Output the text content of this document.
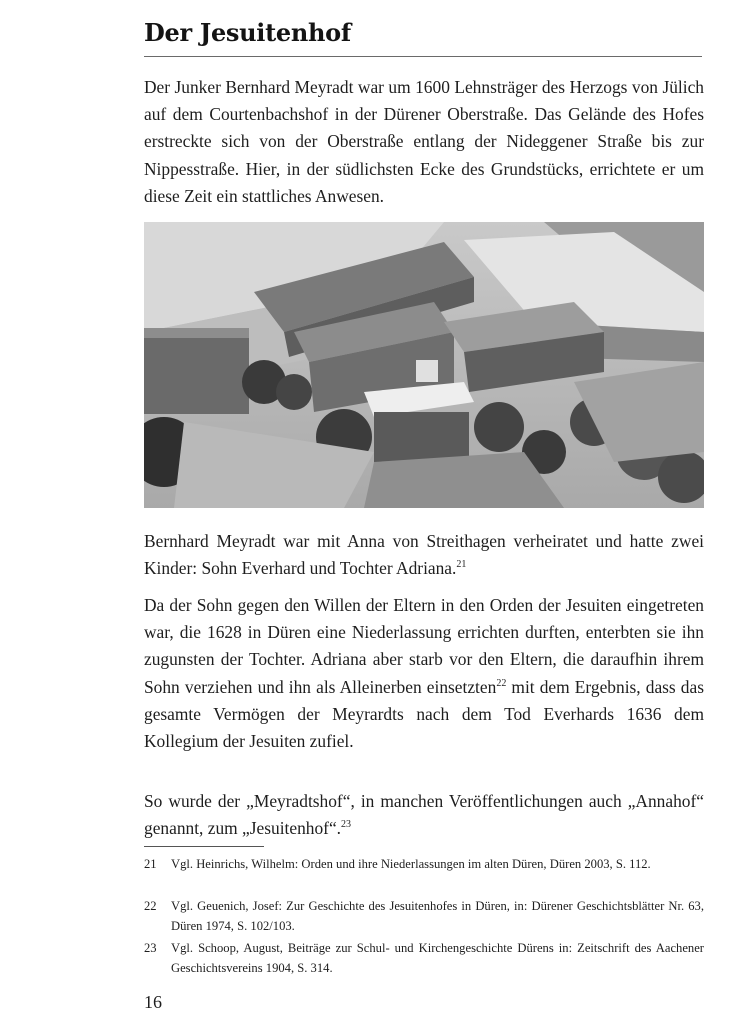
Der Jesuitenhof

Der Junker Bernhard Meyradt war um 1600 Lehnsträger des Herzogs von Jülich auf dem Courtenbachshof in der Dürener Oberstraße. Das Gelände des Hofes erstreckte sich von der Oberstraße entlang der Nideggener Straße bis zur Nippesstraße. Hier, in der südlichsten Ecke des Grundstücks, errichtete er um diese Zeit ein stattliches Anwesen.

Bernhard Meyradt war mit Anna von Streithagen verheiratet und hatte zwei Kinder: Sohn Everhard und Tochter Adriana.$^{21}$

Da der Sohn gegen den Willen der Eltern in den Orden der Jesuiten eingetreten war, die 1628 in Düren eine Niederlassung errichten durften, enterbten sie ihn zugunsten der Tochter. Adriana aber starb vor den Eltern, die daraufhin ihrem Sohn verziehen und ihn als Alleinerben einsetzten$^{22}$ mit dem Ergebnis, dass das gesamte Vermögen der Meyrardts nach dem Tod Everhards 1636 dem Kollegium der Jesuiten zufiel.

So wurde der „Meyradtshof“, in manchen Veröffentlichungen auch „Annahof“ genannt, zum „Jesuitenhof“.$^{23}$

21	Vgl. Heinrichs, Wilhelm: Orden und ihre Niederlassungen im alten Düren, Düren 2003, S. 112.

22	Vgl. Geuenich, Josef: Zur Geschichte des Jesuitenhofes in Düren, in: Dürener Geschichtsblätter Nr. 63, Düren 1974, S. 102/103.

23	Vgl. Schoop, August, Beiträge zur Schul- und Kirchengeschichte Dürens in: Zeitschrift des Aachener Geschichtsvereins 1904, S. 314.

16
